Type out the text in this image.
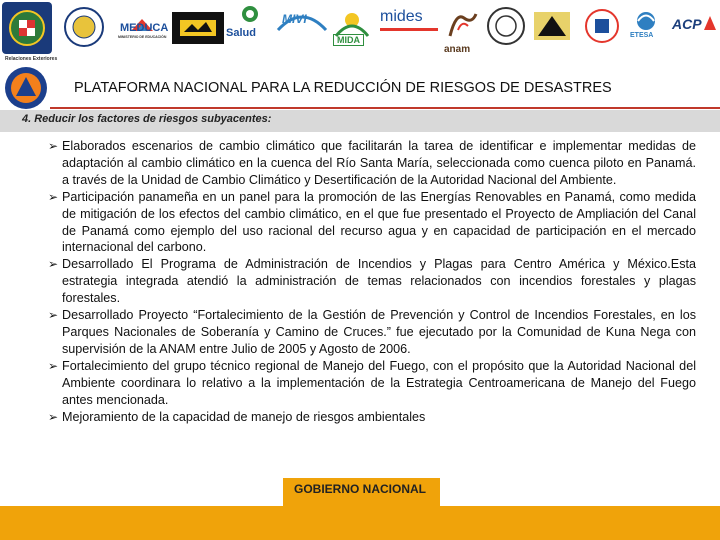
Relaciones Exteriores
MEDUCA
MINISTERIO DE EDUCACIÓN	Salud
MIVI
MIDA
mides
anam
ETESA
ACP
PLATAFORMA NACIONAL PARA LA REDUCCIÓN DE RIESGOS DE DESASTRES
4. Reducir los factores de riesgos subyacentes:
➢ Elaborados escenarios de cambio climático que facilitarán la tarea de identificar e implementar medidas de adaptación al cambio climático en la cuenca del Río Santa María, seleccionada como cuenca piloto en Panamá. a través de la Unidad de Cambio Climático y Desertificación de la Autoridad Nacional del Ambiente.
➢ Participación panameña en un panel para la promoción de las Energías Renovables en Panamá, como medida de mitigación de los efectos del cambio climático, en el que fue presentado el Proyecto de Ampliación del Canal de Panamá como ejemplo del uso racional del recurso agua y en capacidad de participación en el mercado internacional del carbono.
➢ Desarrollado El Programa de Administración de Incendios y Plagas para Centro América y México.Esta estrategia integrada atendió la administración de temas relacionados con incendios forestales y plagas forestales.
➢ Desarrollado Proyecto “Fortalecimiento de la Gestión de Prevención y Control de Incendios Forestales, en los Parques Nacionales de Soberanía y Camino de Cruces.” fue ejecutado por la Comunidad de Kuna Nega con supervisión de la ANAM entre Julio de 2005 y Agosto de 2006.
➢ Fortalecimiento del grupo técnico regional de Manejo del Fuego, con el propósito que la Autoridad Nacional del Ambiente coordinara lo relativo a la implementación de la Estrategia Centroamericana de Manejo del Fuego antes mencionada.
➢ Mejoramiento de la capacidad de manejo de riesgos ambientales
GOBIERNO NACIONAL
